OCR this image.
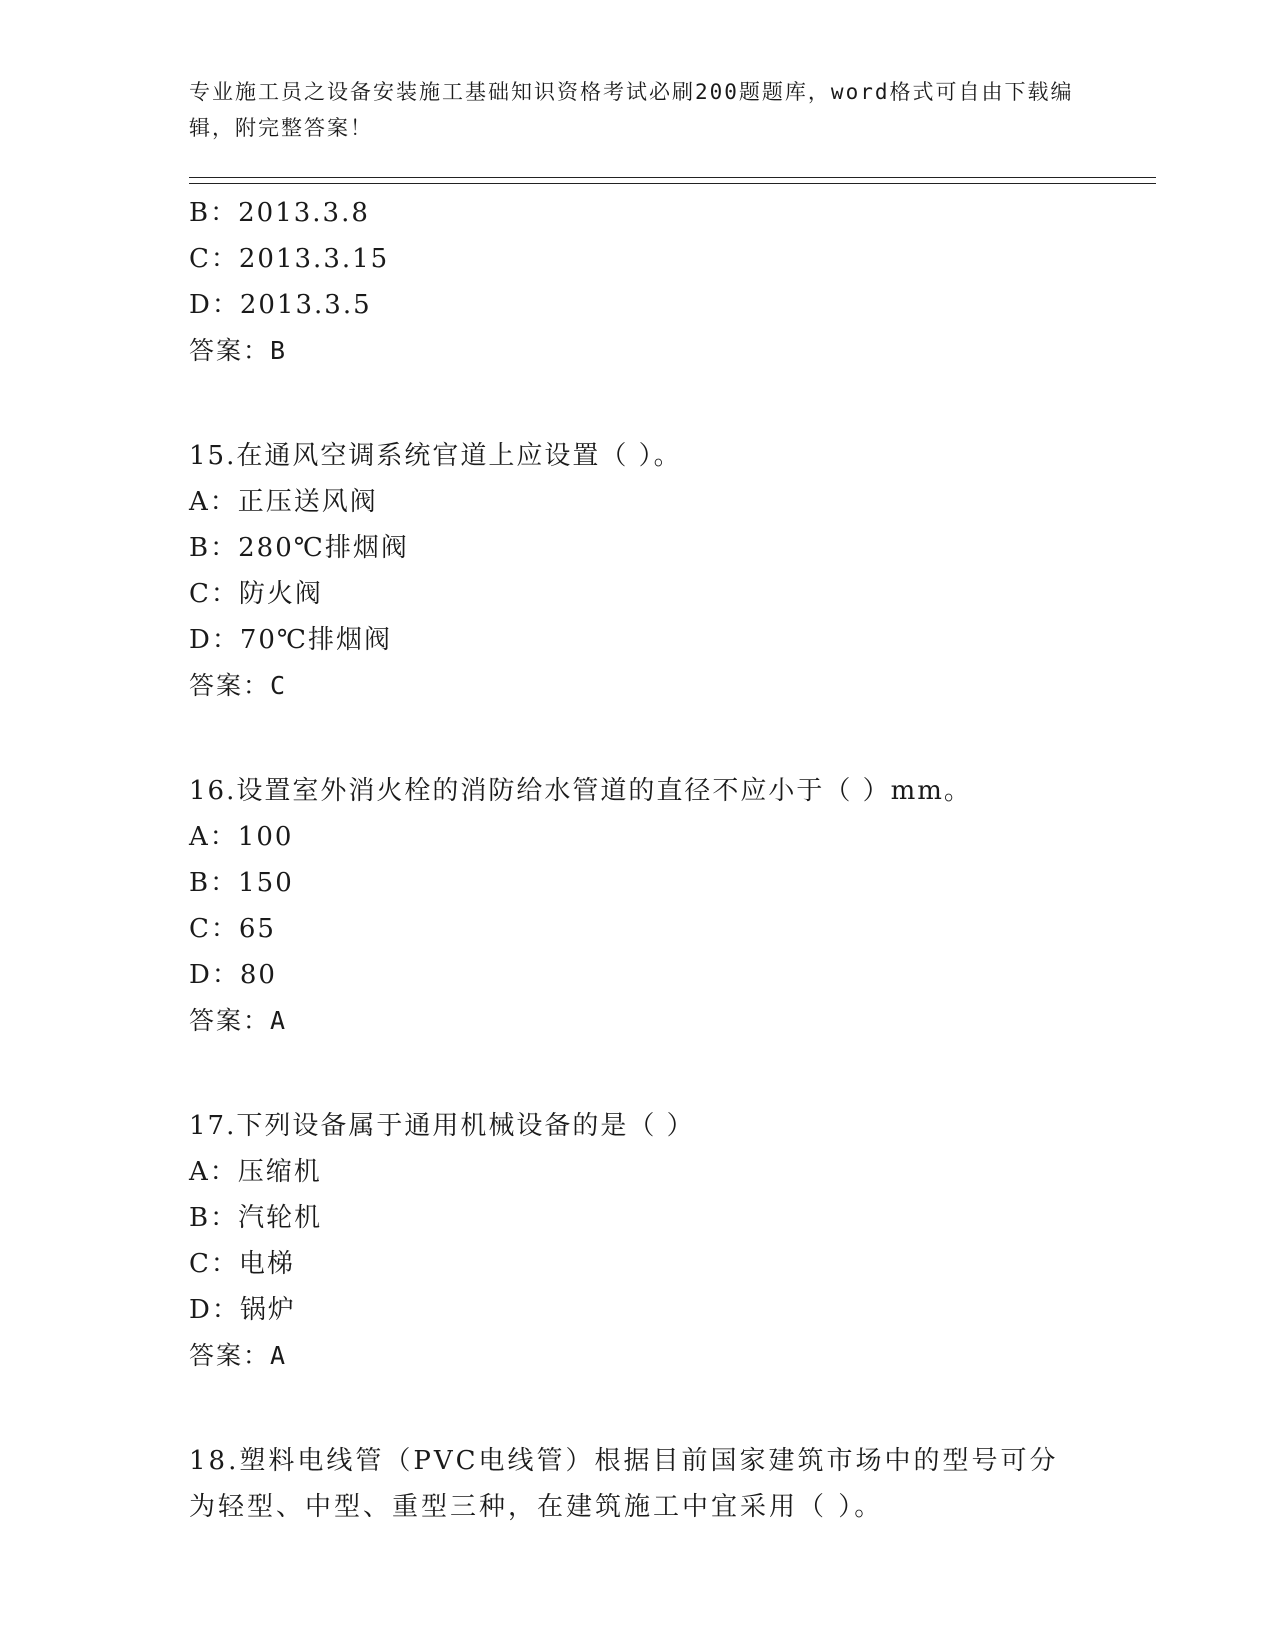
专业施工员之设备安装施工基础知识资格考试必刷200题题库，word格式可自由下载编辑，附完整答案！
B：2013.3.8
C：2013.3.15
D：2013.3.5
答案：B
15.在通风空调系统官道上应设置（ ）。
A：正压送风阀
B：280℃排烟阀
C：防火阀
D：70℃排烟阀
答案：C
16.设置室外消火栓的消防给水管道的直径不应小于（ ）mm。
A：100
B：150
C：65
D：80
答案：A
17.下列设备属于通用机械设备的是（ ）
A：压缩机
B：汽轮机
C：电梯
D：锅炉
答案：A
18.塑料电线管（PVC电线管）根据目前国家建筑市场中的型号可分为轻型、中型、重型三种，在建筑施工中宜采用（ ）。
